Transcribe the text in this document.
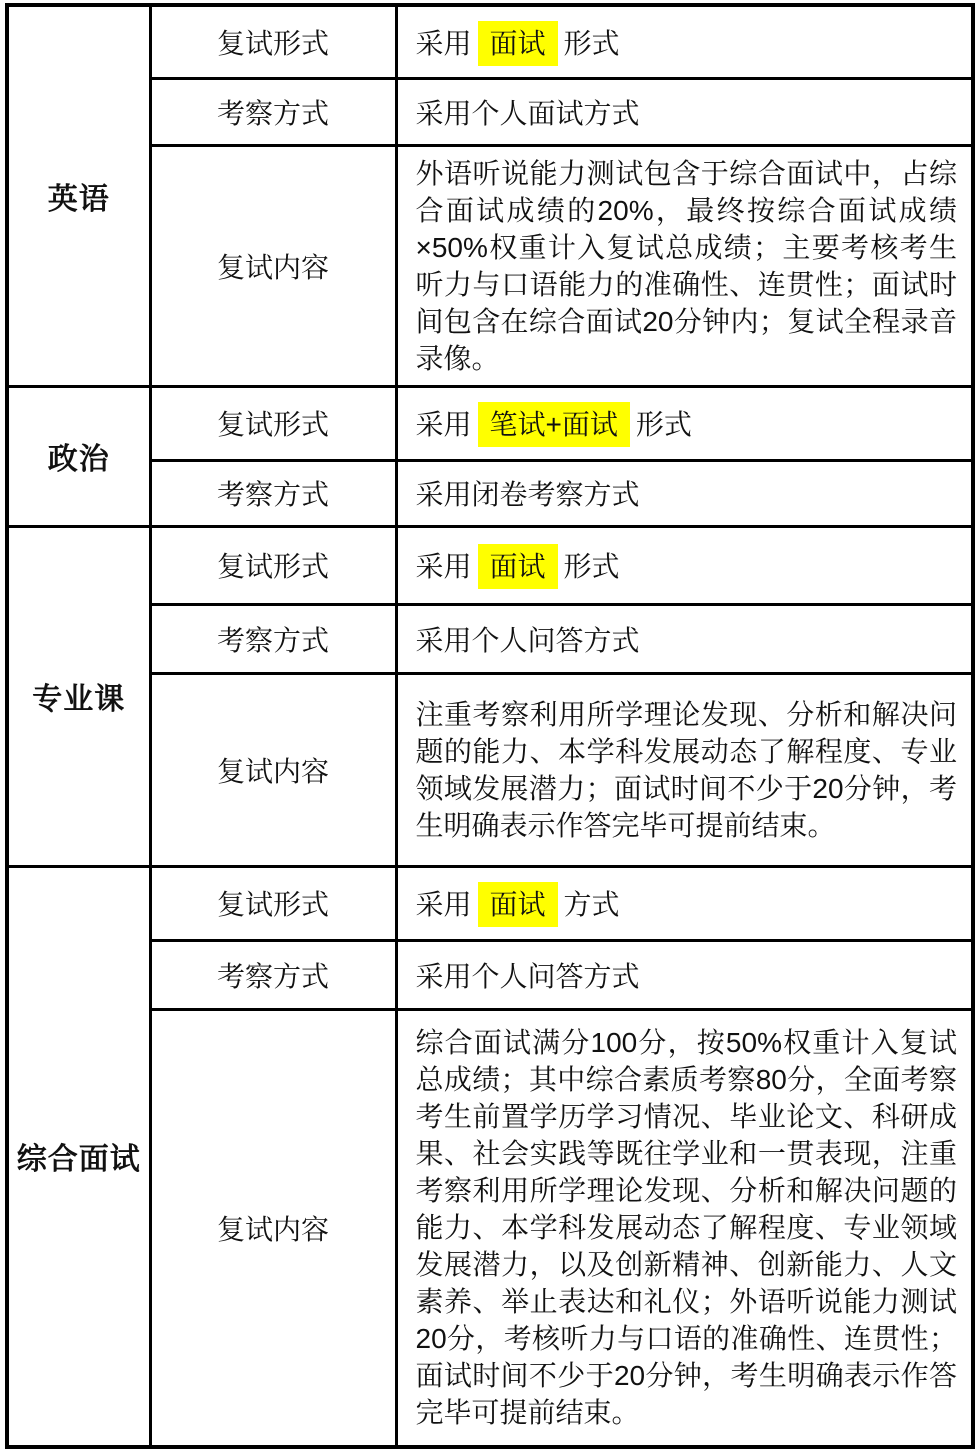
英语	复试形式	采用 面试 形式
	考察方式	采用个人面试方式
	复试内容	外语听说能力测试包含于综合面试中，占综合面试成绩的20%，最终按综合面试成绩×50%权重计入复试总成绩；主要考核考生听力与口语能力的准确性、连贯性；面试时间包含在综合面试20分钟内；复试全程录音录像。
政治	复试形式	采用 笔试+面试 形式
	考察方式	采用闭卷考察方式
专业课	复试形式	采用 面试 形式
	考察方式	采用个人问答方式
	复试内容	注重考察利用所学理论发现、分析和解决问题的能力、本学科发展动态了解程度、专业领域发展潜力；面试时间不少于20分钟，考生明确表示作答完毕可提前结束。
综合面试	复试形式	采用 面试 方式
	考察方式	采用个人问答方式
	复试内容	综合面试满分100分，按50%权重计入复试总成绩；其中综合素质考察80分，全面考察考生前置学历学习情况、毕业论文、科研成果、社会实践等既往学业和一贯表现，注重考察利用所学理论发现、分析和解决问题的能力、本学科发展动态了解程度、专业领域发展潜力，以及创新精神、创新能力、人文素养、举止表达和礼仪；外语听说能力测试20分，考核听力与口语的准确性、连贯性；面试时间不少于20分钟，考生明确表示作答完毕可提前结束。
